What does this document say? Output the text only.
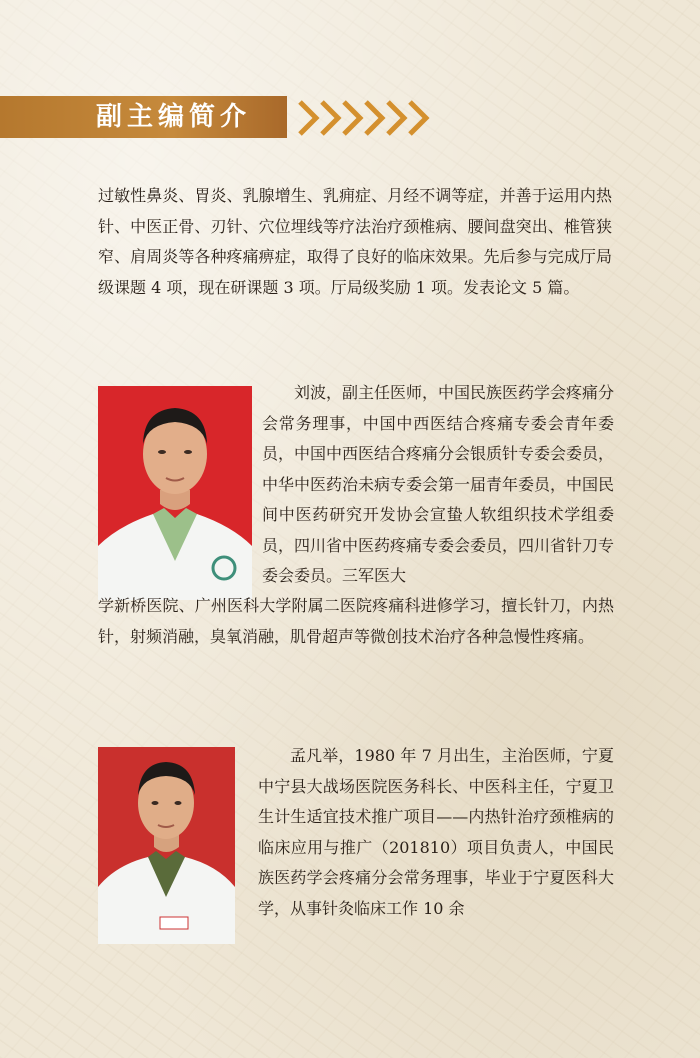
副主编简介

过敏性鼻炎、胃炎、乳腺增生、乳痈症、月经不调等症，并善于运用内热针、中医正骨、刃针、穴位埋线等疗法治疗颈椎病、腰间盘突出、椎管狭窄、肩周炎等各种疼痛痹症，取得了良好的临床效果。先后参与完成厅局级课题 4 项，现在研课题 3 项。厅局级奖励 1 项。发表论文 5 篇。

刘波，副主任医师，中国民族医药学会疼痛分会常务理事，中国中西医结合疼痛专委会青年委员，中国中西医结合疼痛分会银质针专委会委员，中华中医药治未病专委会第一届青年委员，中国民间中医药研究开发协会宣蛰人软组织技术学组委员，四川省中医药疼痛专委会委员，四川省针刀专委会委员。三军医大

学新桥医院、广州医科大学附属二医院疼痛科进修学习，擅长针刀，内热针，射频消融，臭氧消融，肌骨超声等微创技术治疗各种急慢性疼痛。

孟凡举，1980 年 7 月出生，主治医师，宁夏中宁县大战场医院医务科长、中医科主任，宁夏卫生计生适宜技术推广项目——内热针治疗颈椎病的临床应用与推广（201810）项目负责人，中国民族医药学会疼痛分会常务理事，毕业于宁夏医科大学，从事针灸临床工作 10 余
